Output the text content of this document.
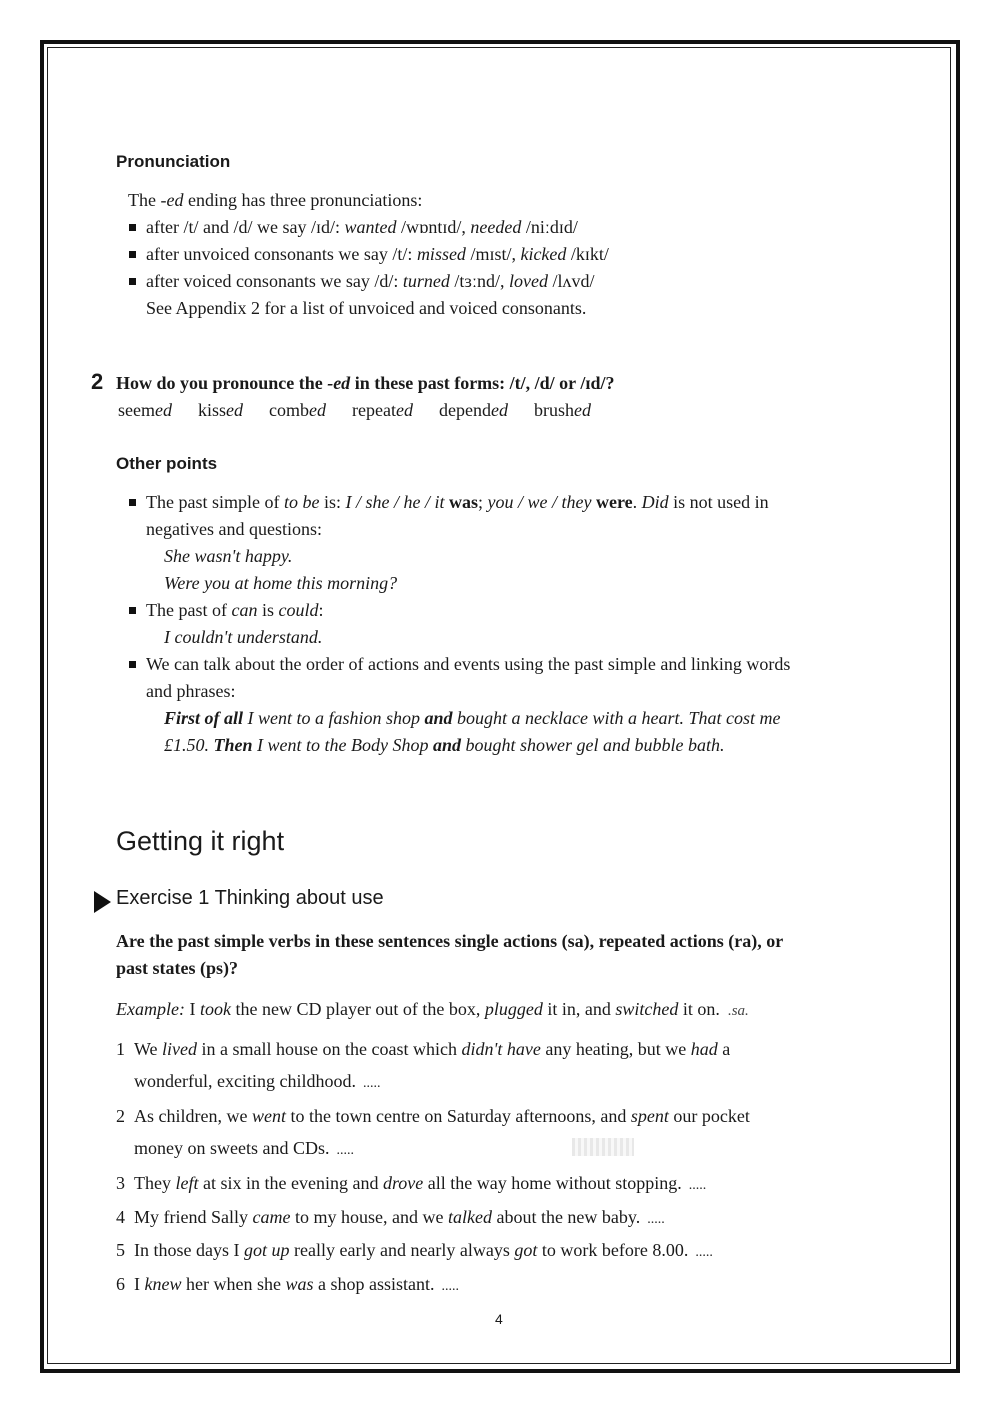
Pronunciation
The -ed ending has three pronunciations:
after /t/ and /d/ we say /ɪd/: wanted /wɒntɪd/, needed /niːdɪd/
after unvoiced consonants we say /t/: missed /mɪst/, kicked /kɪkt/
after voiced consonants we say /d/: turned /tɜːnd/, loved /lʌvd/
See Appendix 2 for a list of unvoiced and voiced consonants.
2 How do you pronounce the -ed in these past forms: /t/, /d/ or /ɪd/?
seemed kissed combed repeated depended brushed
Other points
The past simple of to be is: I / she / he / it was; you / we / they were. Did is not used in
negatives and questions:
She wasn't happy.
Were you at home this morning?
The past of can is could:
I couldn't understand.
We can talk about the order of actions and events using the past simple and linking words
and phrases:
First of all I went to a fashion shop and bought a necklace with a heart. That cost me
£1.50. Then I went to the Body Shop and bought shower gel and bubble bath.
Getting it right
Exercise 1 Thinking about use
Are the past simple verbs in these sentences single actions (sa), repeated actions (ra), or
past states (ps)?
Example: I took the new CD player out of the box, plugged it in, and switched it on. .sa.
1 We lived in a small house on the coast which didn't have any heating, but we had a
wonderful, exciting childhood.  .....
2 As children, we went to the town centre on Saturday afternoons, and spent our pocket
money on sweets and CDs.  .....
3 They left at six in the evening and drove all the way home without stopping.  .....
4 My friend Sally came to my house, and we talked about the new baby.  .....
5 In those days I got up really early and nearly always got to work before 8.00.  .....
6 I knew her when she was a shop assistant.  .....
4
